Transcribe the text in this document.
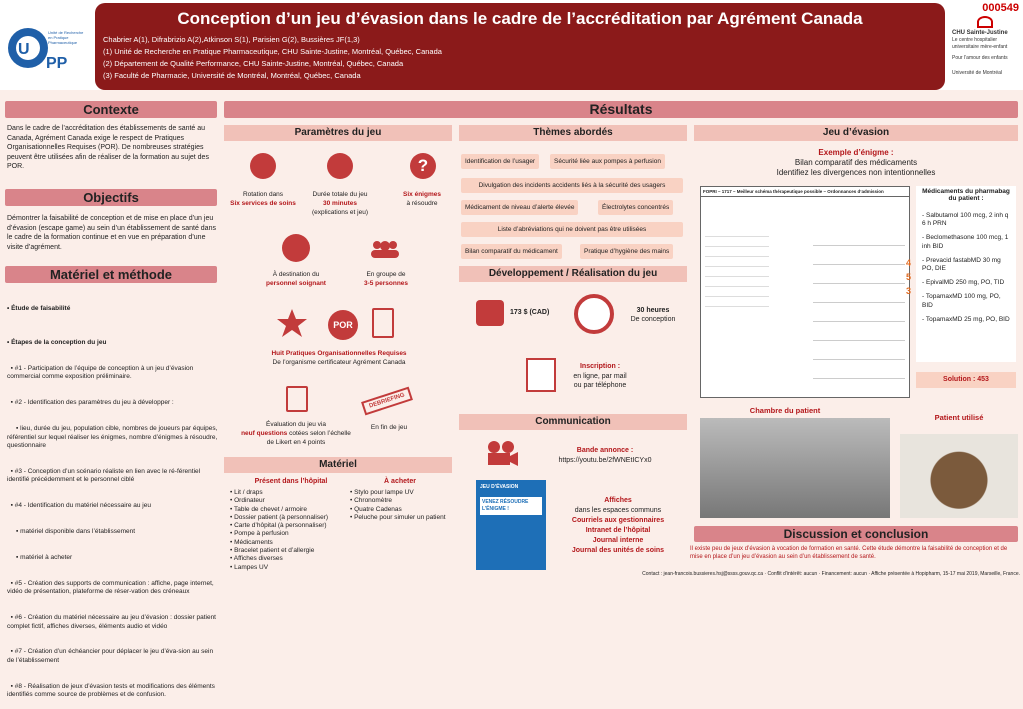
U
PP
Unité de Recherche en Pratique Pharmaceutique
Conception d’un jeu d’évasion dans le cadre de l’accréditation par Agrément Canada
Chabrier A(1), Difrabrizio A(2),Atkinson S(1), Parisien G(2), Bussières JF(1,3)
(1) Unité de Recherche en Pratique Pharmaceutique, CHU Sainte-Justine, Montréal, Québec, Canada
(2) Département de Qualité Performance, CHU Sainte-Justine, Montréal, Québec, Canada
(3) Faculté de Pharmacie, Université de Montréal, Montréal, Québec, Canada
000549
CHU Sainte-Justine
Le centre hospitalier universitaire mère-enfant
Pour l’amour des enfants
Université de Montréal
Contexte
Dans le cadre de l’accréditation des établissements de santé au Canada, Agrément Canada exige le respect de Pratiques Organisationnelles Requises (POR). De nombreuses stratégies peuvent être utilisées afin de réaliser de la formation au sujet des POR.
Objectifs
Démontrer la faisabilité de conception et de mise en place d’un jeu d’évasion (escape game) au sein d’un établissement de santé dans le cadre de la formation continue et en vue en préparation d’une visite d’agrément.
Matériel et méthode

• Étude de faisabilité

• Étapes de la conception du jeu

▪ #1 - Participation de l’équipe de conception à un jeu d’évasion commercial comme exposition préliminaire.

▪ #2 - Identification des paramètres du jeu à développer :

▪ lieu, durée du jeu, population cible, nombres de joueurs par équipes, référentiel sur lequel réaliser les énigmes, nombre d’énigmes à résoudre, questionnaire

▪ #3 - Conception d’un scénario réaliste en lien avec le ré-férentiel identifié précédemment et le personnel ciblé

▪ #4 - Identification du matériel nécessaire au jeu

▪ matériel disponible dans l’établissement

▪ matériel à acheter

▪ #5 - Création des supports de communication : affiche, page internet, vidéo de présentation, plateforme de réser-vation des créneaux

▪ #6 - Création du matériel nécessaire au jeu d’évasion : dossier patient complet fictif, affiches diverses, éléments audio et vidéo

▪ #7 - Création d’un échéancier pour déplacer le jeu d’éva-sion au sein de l’établissement

▪ #8 - Réalisation de jeux d’évasion tests et modifications des éléments identifiés comme source de problèmes et de confusion.

Résultats
Paramètres du jeu
Rotation dans
Six services de soins
Durée totale du jeu
30 minutes
(explications et jeu)
?
Six énigmes
à résoudre
À destination du
personnel soignant
En groupe de
3-5 personnes
POR
Huit Pratiques Organisationnelles Requises
De l’organisme certificateur Agrément Canada
Évaluation du jeu via
neuf questions cotées selon l’échelle de Likert en 4 points
DEBRIEFING
En fin de jeu
Matériel
Présent dans l’hôpital	À acheter
• Lit / draps
• Ordinateur
• Table de chevet / armoire
• Dossier patient (à personnaliser)
• Carte d’hôpital (à personnaliser)
• Pompe à perfusion
• Médicaments
• Bracelet patient et d’allergie
• Affiches diverses
• Lampes UV
• Stylo pour lampe UV
• Chronomètre
• Quatre Cadenas
• Peluche pour simuler un patient
Thèmes abordés
Identification de l’usager	Sécurité liée aux pompes à perfusion
Divulgation des incidents accidents liés à la sécurité des usagers
Médicament de niveau d’alerte élevée	Électrolytes concentrés
Liste d’abréviations qui ne doivent pas être utilisées
Bilan comparatif du médicament	Pratique d’hygiène des mains
Développement / Réalisation du jeu
173 $ (CAD)	30 heures
De conception
Inscription :
en ligne, par mail
ou par téléphone
Communication
Bande annonce :
https://youtu.be/2fWNEtICYx0
JEU D’ÉVASION
VENEZ RÉSOUDRE L’ÉNIGME !
Affiches
dans les espaces communs
Courriels aux gestionnaires
Intranet de l’hôpital
Journal interne
Journal des unités de soins
Jeu d’évasion
Exemple d’énigme :
Bilan comparatif des médicaments
Identifiez les divergences non intentionnelles
FOPRI – 1717 – Meilleur schéma thérapeutique possible – Ordonnances d’admission
4
5
3
Médicaments du pharmabag du patient :
- Salbutamol 100 mcg, 2 inh q 6 h PRN
- Beclomethasone 100 mcg, 1 inh BID
- Prevacid fastabMD 30 mg PO, DIE
- EpivalMD 250 mg, PO, TID
- TopamaxMD 100 mg, PO, BID
- TopamaxMD 25 mg, PO, BID
Solution : 453
Chambre du patient
Patient utilisé
Discussion et conclusion
Il existe peu de jeux d’évasion à vocation de formation en santé. Cette étude démontre la faisabilité de conception et de mise en place d’un jeu d’évasion au sein d’un établissement de santé.
Contact : jean-francois.bussieres.hsj@ssss.gouv.qc.ca · Conflit d’intérêt: aucun · Financement: aucun · Affiche présentée à Hopipharm, 15-17 mai 2019, Marseille, France.
